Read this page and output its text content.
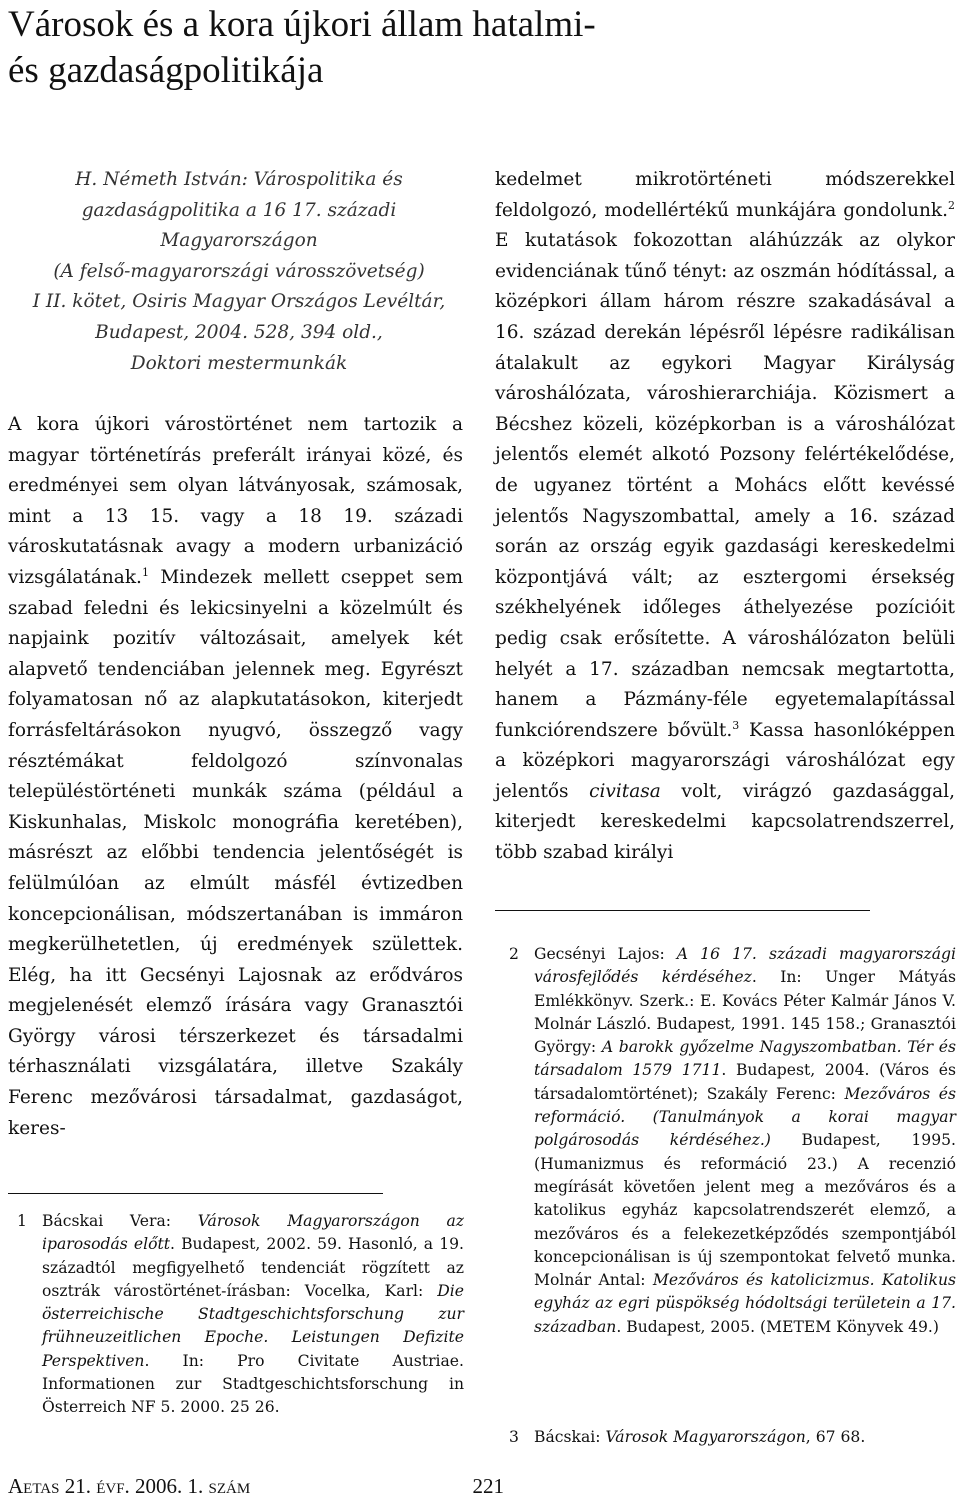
Városok és a kora újkori állam hatalmi-
és gazdaságpolitikája
H. Németh István: Várospolitika és gazdaságpolitika a 16 17. századi Magyarországon
(A felső-magyarországi városszövetség)
I II. kötet, Osiris Magyar Országos Levéltár, Budapest, 2004. 528, 394 old.,
Doktori mestermunkák

A kora újkori várostörténet nem tartozik a magyar történetírás preferált irányai közé, és eredményei sem olyan látványosak, számosak, mint a 13 15. vagy a 18 19. századi városkutatásnak avagy a modern urbanizáció vizsgálatának.$^1$ Mindezek mellett cseppet sem szabad feledni és lekicsinyelni a közelmúlt és napjaink pozitív változásait, amelyek két alapvető tendenciában jelennek meg. Egyrészt folyamatosan nő az alapkutatásokon, kiterjedt forrásfeltárásokon nyugvó, összegző vagy résztémákat feldolgozó színvonalas településtörténeti munkák száma (például a Kiskunhalas, Miskolc monográfia keretében), másrészt az előbbi tendencia jelentőségét is felülmúlóan az elmúlt másfél évtizedben koncepcionálisan, módszertanában is immáron megkerülhetetlen, új eredmények születtek. Elég, ha itt Gecsényi Lajosnak az erődváros megjelenését elemző írására vagy Granasztói György városi térszerkezet és társadalmi térhasználati vizsgálatára, illetve Szakály Ferenc mezővárosi társadalmat, gazdaságot, keres-

kedelmet mikrotörténeti módszerekkel feldolgozó, modellértékű munkájára gondolunk.$^2$ E kutatások fokozottan aláhúzzák az olykor evidenciának tűnő tényt: az oszmán hódítással, a középkori állam három részre szakadásával a 16. század derekán lépésről lépésre radikálisan átalakult az egykori Magyar Királyság városhálózata, városhierarchiája. Közismert a Bécshez közeli, középkorban is a városhálózat jelentős elemét alkotó Pozsony felértékelődése, de ugyanez történt a Mohács előtt kevéssé jelentős Nagyszombattal, amely a 16. század során az ország egyik gazdasági kereskedelmi központjává vált; az esztergomi érsekség székhelyének időleges áthelyezése pozícióit pedig csak erősítette. A városhálózaton belüli helyét a 17. században nemcsak megtartotta, hanem a Pázmány-féle egyetemalapítással funkciórendszere bővült.$^3$ Kassa hasonlóképpen a középkori magyarországi városhálózat egy jelentős civitasa volt, virágzó gazdasággal, kiterjedt kereskedelmi kapcsolatrendszerrel, több szabad királyi

2 Gecsényi Lajos: A 16 17. századi magyarországi városfejlődés kérdéséhez. In: Unger Mátyás Emlékkönyv. Szerk.: E. Kovács Péter Kalmár János V. Molnár László. Budapest, 1991. 145 158.; Granasztói György: A barokk győzelme Nagyszombatban. Tér és társadalom 1579 1711. Budapest, 2004. (Város és társadalomtörténet); Szakály Ferenc: Mezőváros és reformáció. (Tanulmányok a korai magyar polgárosodás kérdéséhez.) Budapest, 1995. (Humanizmus és reformáció 23.) A recenzió megírását követően jelent meg a mezőváros és a katolikus egyház kapcsolatrendszerét elemző, a mezőváros és a felekezetképződés szempontjából koncepcionálisan is új szempontokat felvető munka. Molnár Antal: Mezőváros és katolicizmus. Katolikus egyház az egri püspökség hódoltsági területein a 17. században. Budapest, 2005. (METEM Könyvek 49.)
3 Bácskai: Városok Magyarországon, 67 68.
1 Bácskai Vera: Városok Magyarországon az iparosodás előtt. Budapest, 2002. 59. Hasonló, a 19. századtól megfigyelhető tendenciát rögzített az osztrák várostörténet-írásban: Vocelka, Karl: Die österreichische Stadtgeschichtsforschung zur frühneuzeitlichen Epoche. Leistungen Defizite Perspektiven. In: Pro Civitate Austriae. Informationen zur Stadtgeschichtsforschung in Österreich NF 5. 2000. 25 26.
Aetas 21. évf. 2006. 1. szám	221
